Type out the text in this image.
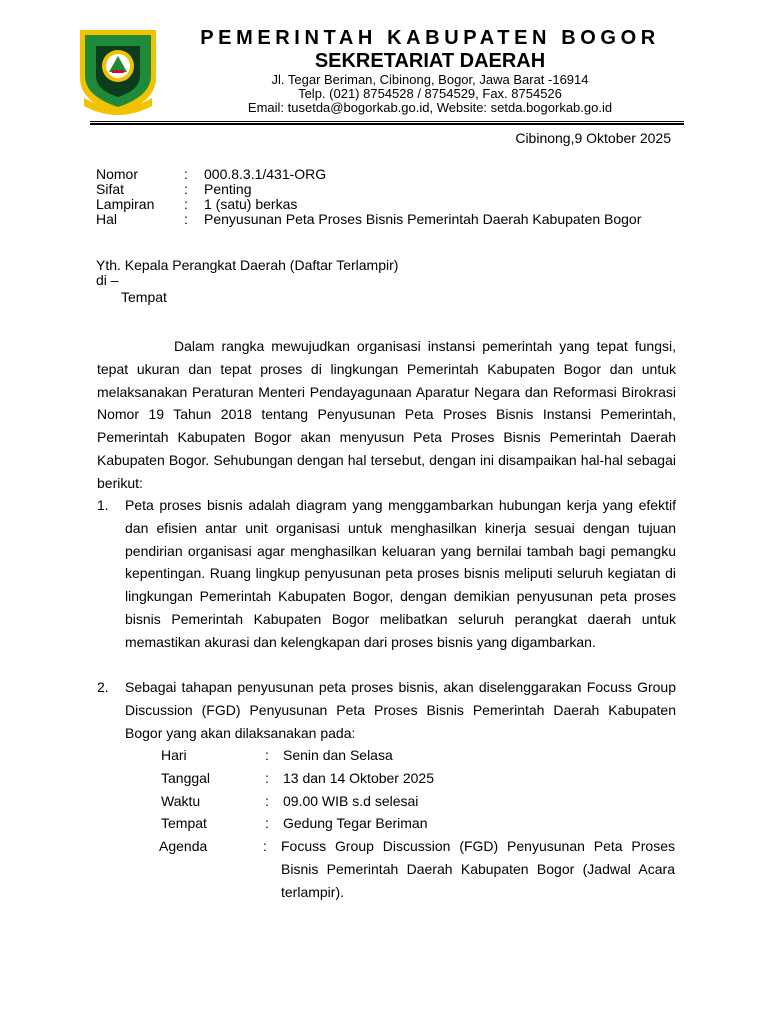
PEMERINTAH KABUPATEN BOGOR
SEKRETARIAT DAERAH
Jl. Tegar Beriman, Cibinong, Bogor, Jawa Barat -16914
Telp. (021) 8754528 / 8754529, Fax. 8754526
Email: tusetda@bogorkab.go.id, Website: setda.bogorkab.go.id
Cibinong,9 Oktober 2025
Nomor	: 000.8.3.1/431-ORG
Sifat	: Penting
Lampiran : 1 (satu) berkas
Hal	: Penyusunan Peta Proses Bisnis Pemerintah Daerah Kabupaten Bogor
Yth. Kepala Perangkat Daerah (Daftar Terlampir)
di –
Tempat
Dalam rangka mewujudkan organisasi instansi pemerintah yang tepat fungsi, tepat ukuran dan tepat proses di lingkungan Pemerintah Kabupaten Bogor dan untuk melaksanakan Peraturan Menteri Pendayagunaan Aparatur Negara dan Reformasi Birokrasi Nomor 19 Tahun 2018 tentang Penyusunan Peta Proses Bisnis Instansi Pemerintah, Pemerintah Kabupaten Bogor akan menyusun Peta Proses Bisnis Pemerintah Daerah Kabupaten Bogor. Sehubungan dengan hal tersebut, dengan ini disampaikan hal-hal sebagai berikut:
1. Peta proses bisnis adalah diagram yang menggambarkan hubungan kerja yang efektif dan efisien antar unit organisasi untuk menghasilkan kinerja sesuai dengan tujuan pendirian organisasi agar menghasilkan keluaran yang bernilai tambah bagi pemangku kepentingan. Ruang lingkup penyusunan peta proses bisnis meliputi seluruh kegiatan di lingkungan Pemerintah Kabupaten Bogor, dengan demikian penyusunan peta proses bisnis Pemerintah Kabupaten Bogor melibatkan seluruh perangkat daerah untuk memastikan akurasi dan kelengkapan dari proses bisnis yang digambarkan.
2. Sebagai tahapan penyusunan peta proses bisnis, akan diselenggarakan Focuss Group Discussion (FGD) Penyusunan Peta Proses Bisnis Pemerintah Daerah Kabupaten Bogor yang akan dilaksanakan pada:
Hari	: Senin dan Selasa
Tanggal	: 13 dan 14 Oktober 2025
Waktu	: 09.00 WIB s.d selesai
Tempat	: Gedung Tegar Beriman
Agenda	: Focuss Group Discussion (FGD) Penyusunan Peta Proses Bisnis Pemerintah Daerah Kabupaten Bogor (Jadwal Acara terlampir).
